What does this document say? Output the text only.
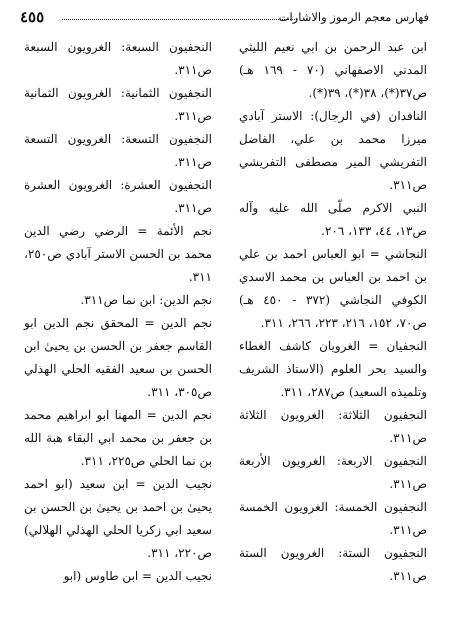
٤٥٥	فهارس معجم الرموز والاشارات

ابن عبد الرحمن بن ابي نعيم الليثي المدني الاصفهاني (٧٠ - ١٦٩ هـ) ص٣٧(*)، ٣٨(*)، ٣٩(*).

النافدان (في الرجال): الاستر آبادي ميرزا محمد بن علي، الفاضل التفريشي المير مصطفى التفريشي ص٣١١.

النبي الاكرم صلّى الله عليه وآله ص١٣، ٤٤، ١٣٣، ٢٠٦.

النجاشي = ابو العباس احمد بن علي بن احمد بن العباس بن محمد الاسدي الكوفي النجاشي (٣٧٢ - ٤٥٠ هـ) ص٧٠، ١٥٢، ٢١٦، ٢٢٣، ٢٦٦، ٣١١.

النجفيان = الغرويان كاشف الغطاء والسيد بحر العلوم (الاستاذ الشريف وتلميذه السعيد) ص٢٨٧، ٣١١.

النجفيون الثلاثة: الغرويون الثلاثة ص٣١١.

النجفيون الاربعة: الغرويون الأربعة ص٣١١.

النجفيون الخمسة: الغرويون الخمسة ص٣١١.

النجفيون الستة: الغرويون الستة ص٣١١.

النجفيون السبعة: الغرويون السبعة ص٣١١.

النجفيون الثمانية: الغرويون الثمانية ص٣١١.

النجفيون التسعة: الغرويون التسعة ص٣١١.

النجفيون العشرة: الغرويون العشرة ص٣١١.

نجم الأئمة = الرضي رضي الدين محمد بن الحسن الاستر آبادي ص٢٥٠، ٣١١.

نجم الدين: ابن نما ص٣١١.

نجم الدين = المحقق نجم الدين ابو القاسم جعفر بن الحسن بن يحيىٰ ابن الحسن بن سعيد الفقيه الحلي الهذلي ص٣٠٥، ٣١١.

نجم الدين = المهنا ابو ابراهيم محمد بن جعفر بن محمد ابي البقاء هبة الله بن نما الحلي ص٢٢٥، ٣١١.

نجيب الدين = ابن سعيد (ابو احمد يحيىٰ بن احمد بن يحيىٰ بن الحسن بن سعيد ابي زكريا الحلي الهذلي الهلالي) ص٢٢٠، ٣١١.

نجيب الدين = ابن طاوس (ابو
